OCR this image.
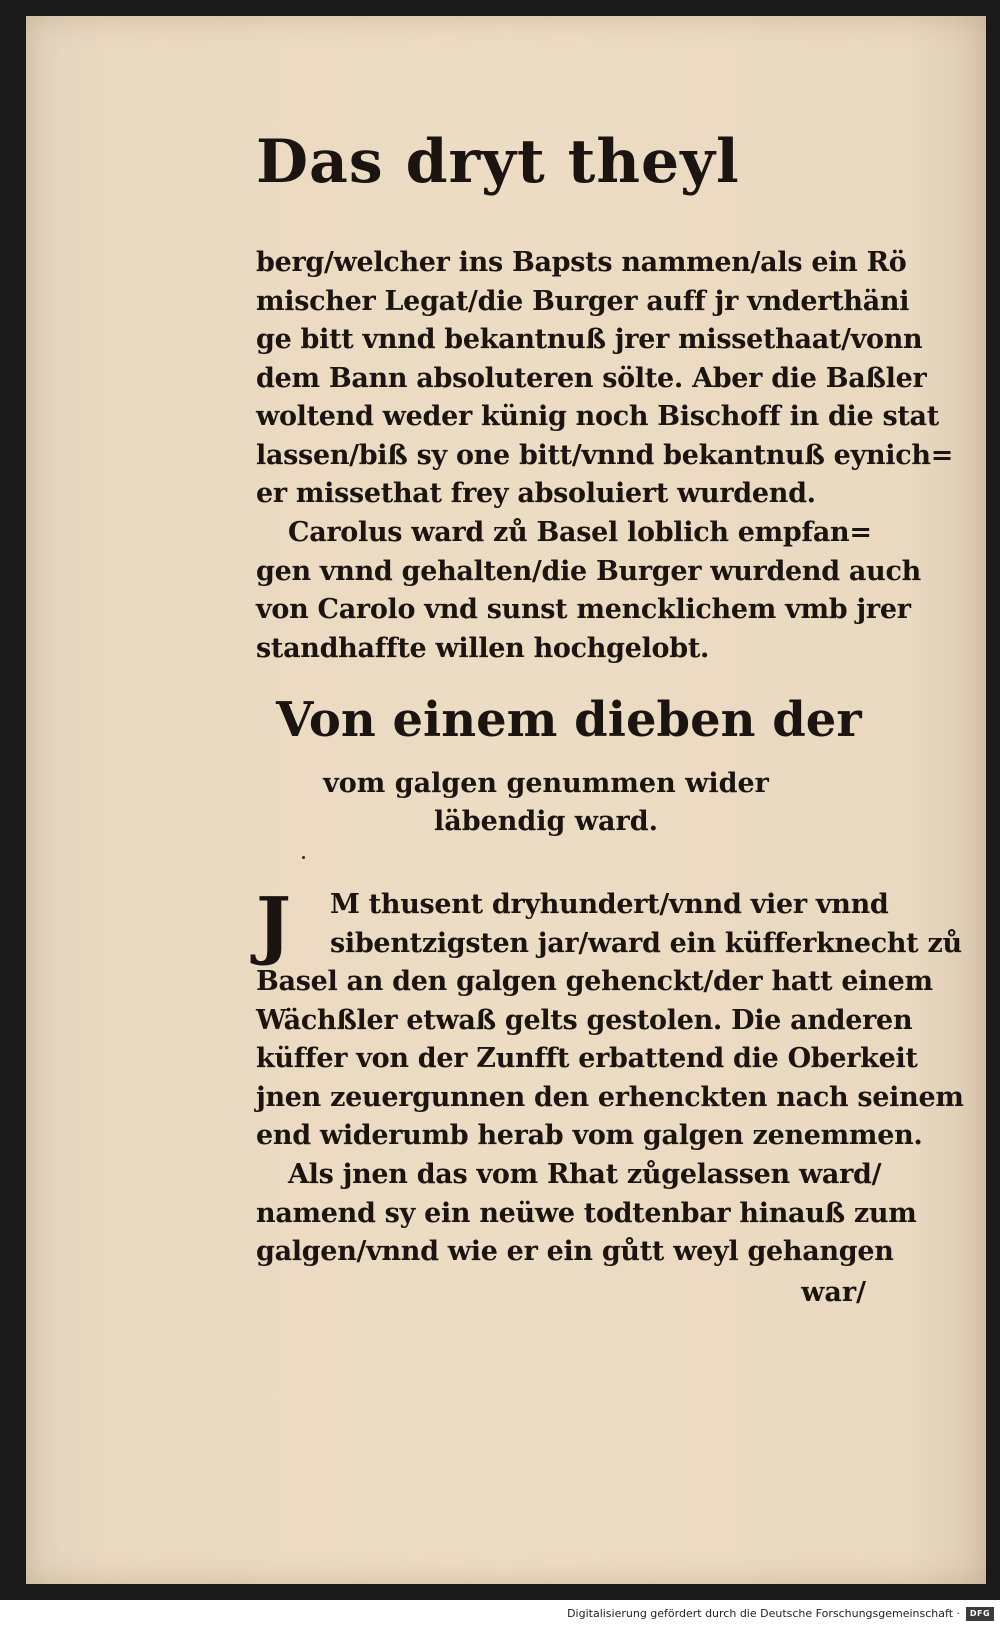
Das dryt theyl
berg/welcher ins Bapsts nammen/als ein Rö
mischer Legat/die Burger auff jr vnderthäni
ge bitt vnnd bekantnuß jrer missethaat/vonn
dem Bann absoluteren sölte. Aber die Baßler
woltend weder künig noch Bischoff in die stat
lassen/biß sy one bitt/vnnd bekantnuß eynich=
er missethat frey absoluiert wurdend.
Carolus ward zů Basel loblich empfan=
gen vnnd gehalten/die Burger wurdend auch
von Carolo vnd sunst mencklichem vmb jrer
standhaffte willen hochgelobt.
Von einem dieben der
vom galgen genummen wider
läbendig ward.
J	M thusent dryhundert/vnnd vier vnnd
sibentzigsten jar/ward ein küfferknecht zů
Basel an den galgen gehenckt/der hatt einem
Wächßler etwaß gelts gestolen. Die anderen
küffer von der Zunfft erbattend die Oberkeit
jnen zeuergunnen den erhenckten nach seinem
end widerumb herab vom galgen zenemmen.
Als jnen das vom Rhat zůgelassen ward/
namend sy ein neüwe todtenbar hinauß zum
galgen/vnnd wie er ein gůtt weyl gehangen
war/
Digitalisierung gefördert durch die Deutsche Forschungsgemeinschaft ·	DFG
